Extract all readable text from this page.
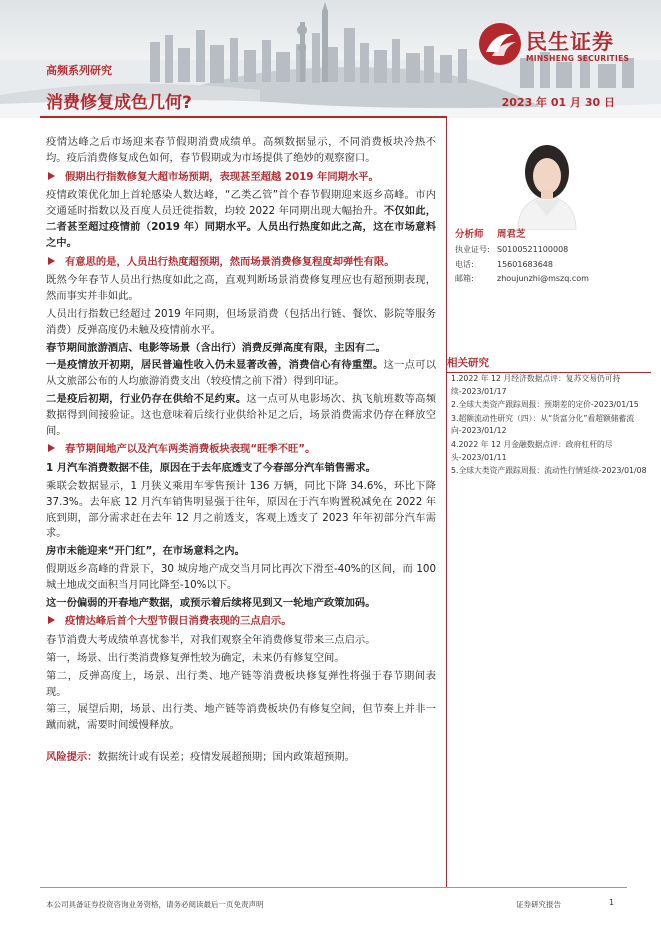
高频系列研究
消费修复成色几何?	2023 年 01 月 30 日
民生证券
MINSHENG SECURITIES

疫情达峰之后市场迎来春节假期消费成绩单。高频数据显示，不同消费板块冷热不均。疫后消费修复成色如何，春节假期或为市场提供了绝妙的观察窗口。

假期出行指数修复大超市场预期，表现甚至超越 2019 年同期水平。

疫情政策优化加上首轮感染人数达峰，“乙类乙管”首个春节假期迎来返乡高峰。市内交通延时指数以及百度人员迁徙指数，均较 2022 年同期出现大幅抬升。不仅如此，二者甚至超过疫情前（2019 年）同期水平。人员出行热度如此之高，这在市场意料之中。

有意思的是，人员出行热度超预期，然而场景消费修复程度却弹性有限。

既然今年春节人员出行热度如此之高，直观判断场景消费修复理应也有超预期表现，然而事实并非如此。

人员出行指数已经超过 2019 年同期，但场景消费（包括出行链、餐饮、影院等服务消费）反弹高度仍未触及疫情前水平。

春节期间旅游酒店、电影等场景（含出行）消费反弹高度有限，主因有二。

一是疫情放开初期，居民普遍性收入仍未显著改善，消费信心有待重塑。这一点可以从文旅部公布的人均旅游消费支出（较疫情之前下滑）得到印证。

二是疫后初期，行业仍存在供给不足约束。这一点可从电影场次、执飞航班数等高频数据得到间接验证。这也意味着后续行业供给补足之后，场景消费需求仍存在释放空间。

春节期间地产以及汽车两类消费板块表现“旺季不旺”。

1 月汽车消费数据不佳，原因在于去年底透支了今春部分汽车销售需求。

乘联会数据显示，1 月狭义乘用车零售预计 136 万辆，同比下降 34.6%，环比下降 37.3%。去年底 12 月汽车销售明显强于往年，原因在于汽车购置税减免在 2022 年底到期，部分需求赶在去年 12 月之前透支，客观上透支了 2023 年年初部分汽车需求。

房市未能迎来“开门红”，在市场意料之内。

假期返乡高峰的背景下，30 城房地产成交当月同比再次下滑至-40%的区间，而 100 城土地成交面积当月同比降至-10%以下。

这一份偏弱的开春地产数据，或预示着后续将见到又一轮地产政策加码。

疫情达峰后首个大型节假日消费表现的三点启示。

春节消费大考成绩单喜忧参半，对我们观察全年消费修复带来三点启示。

第一，场景、出行类消费修复弹性较为确定，未来仍有修复空间。

第二，反弹高度上，场景、出行类、地产链等消费板块修复弹性将强于春节期间表现。

第三，展望后期，场景、出行类、地产链等消费板块仍有修复空间，但节奏上并非一蹴而就，需要时间缓慢释放。

风险提示：数据统计或有误差；疫情发展超预期；国内政策超预期。

分析师	周君芝
执业证号: S0100521100008
电话:	15601683648
邮箱:	zhoujunzhi@mszq.com
相关研究
1.2022 年 12 月经济数据点评：复苏交易仍可持续-2023/01/17
2.全球大类资产跟踪周报：预期差的定价-2023/01/15
3.超额流动性研究（四）：从“货富分化”看超额储蓄流向-2023/01/12
4.2022 年 12 月金融数据点评：政府杠杆的尽头-2023/01/11
5.全球大类资产跟踪周报：流动性行情延续-2023/01/08
本公司具备证券投资咨询业务资格，请务必阅读最后一页免责声明	证券研究报告	1
